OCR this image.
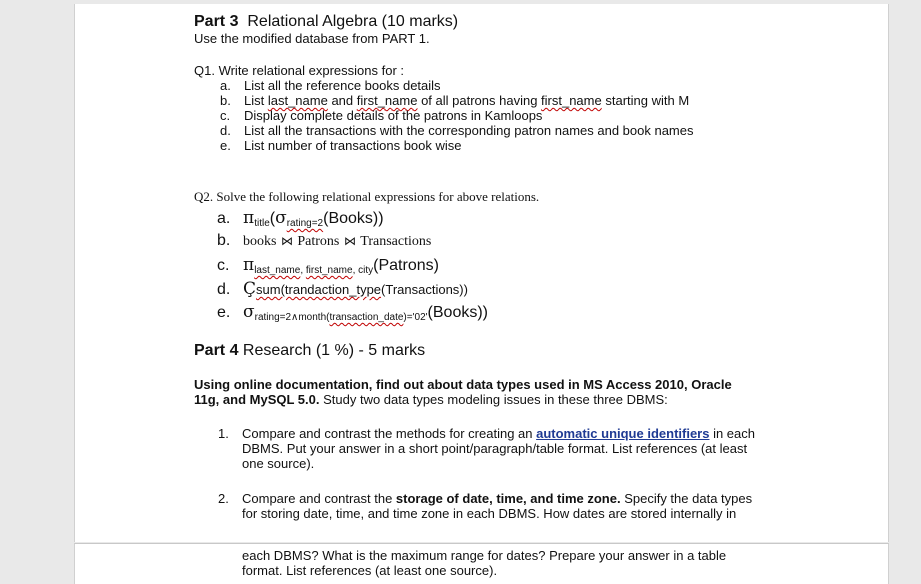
Part 3 Relational Algebra (10 marks)
Use the modified database from PART 1.
Q1. Write relational expressions for :
a. List all the reference books details
b. List last_name and first_name of all patrons having first_name starting with M
c. Display complete details of the patrons in Kamloops
d. List all the transactions with the corresponding patron names and book names
e. List number of transactions book wise
Q2. Solve the following relational expressions for above relations.
a. $\pi_{title}(\sigma_{rating=2}(Books))$
b. books ⋈ Patrons ⋈ Transactions
c. $\pi_{last\_name,}$ $_{first\_name, city}$(Patrons)
d. Çsum(trandaction_type(Transactions))
e. $\sigma_{rating=2\wedge month(transaction\_date)='02'}(Books)$)
Part 4 Research (1 %) - 5 marks
Using online documentation, find out about data types used in MS Access 2010, Oracle
11g, and MySQL 5.0. Study two data types modeling issues in these three DBMS:
1. Compare and contrast the methods for creating an automatic unique identifiers in each
DBMS. Put your answer in a short point/paragraph/table format. List references (at least
one source).
2. Compare and contrast the storage of date, time, and time zone. Specify the data types
for storing date, time, and time zone in each DBMS. How dates are stored internally in
each DBMS? What is the maximum range for dates? Prepare your answer in a table
format. List references (at least one source).
